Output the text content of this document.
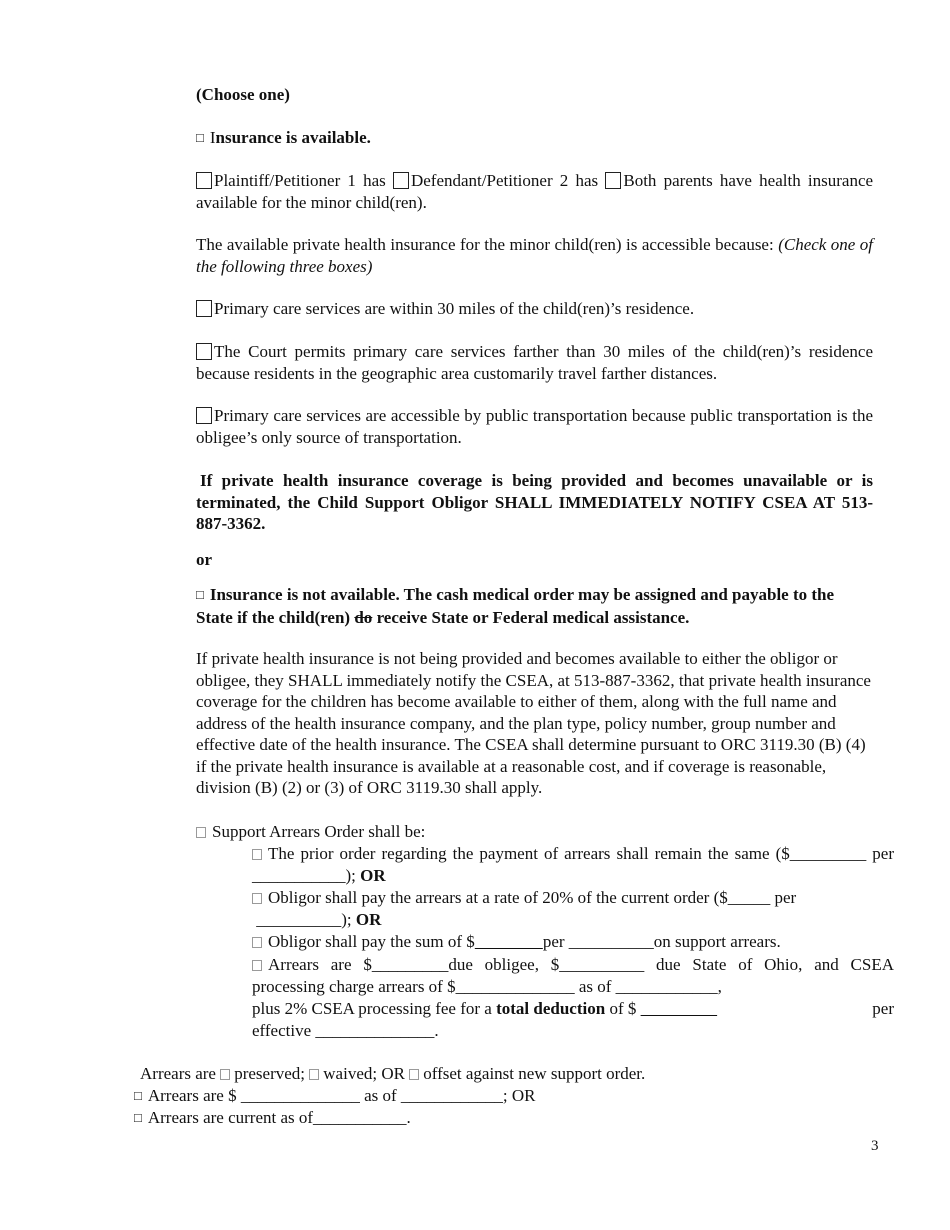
(Choose one)
□ Insurance is available.
Plaintiff/Petitioner 1 has Defendant/Petitioner 2 has Both parents have health insurance available for the minor child(ren).
The available private health insurance for the minor child(ren) is accessible because: (Check one of the following three boxes)
Primary care services are within 30 miles of the child(ren)’s residence.
The Court permits primary care services farther than 30 miles of the child(ren)’s residence because residents in the geographic area customarily travel farther distances.
Primary care services are accessible by public transportation because public transportation is the obligee’s only source of transportation.
If private health insurance coverage is being provided and becomes unavailable or is terminated, the Child Support Obligor SHALL IMMEDIATELY NOTIFY CSEA AT 513-887-3362.
or
□ Insurance is not available. The cash medical order may be assigned and payable to the State if the child(ren) do receive State or Federal medical assistance.
If private health insurance is not being provided and becomes available to either the obligor or obligee, they SHALL immediately notify the CSEA, at 513-887-3362, that private health insurance coverage for the children has become available to either of them, along with the full name and address of the health insurance company, and the plan type, policy number, group number and effective date of the health insurance. The CSEA shall determine pursuant to ORC 3119.30 (B) (4) if the private health insurance is available at a reasonable cost, and if coverage is reasonable, division (B) (2) or (3) of ORC 3119.30 shall apply.
Support Arrears Order shall be:
The prior order regarding the payment of arrears shall remain the same ($_________ per ___________); OR
Obligor shall pay the arrears at a rate of 20% of the current order ($_____ per
__________); OR
Obligor shall pay the sum of $ _______ per __________on support arrears.
Arrears are $_________due obligee, $__________ due State of Ohio, and CSEA
processing charge arrears of $______________ as of ____________,
plus 2% CSEA processing fee for a total deduction of $	per
effective ______________.
Arrears are preserved; waived; OR offset against new support order.
□ Arrears are $ ______________ as of ____________; OR
□ Arrears are current as of___________.
3
